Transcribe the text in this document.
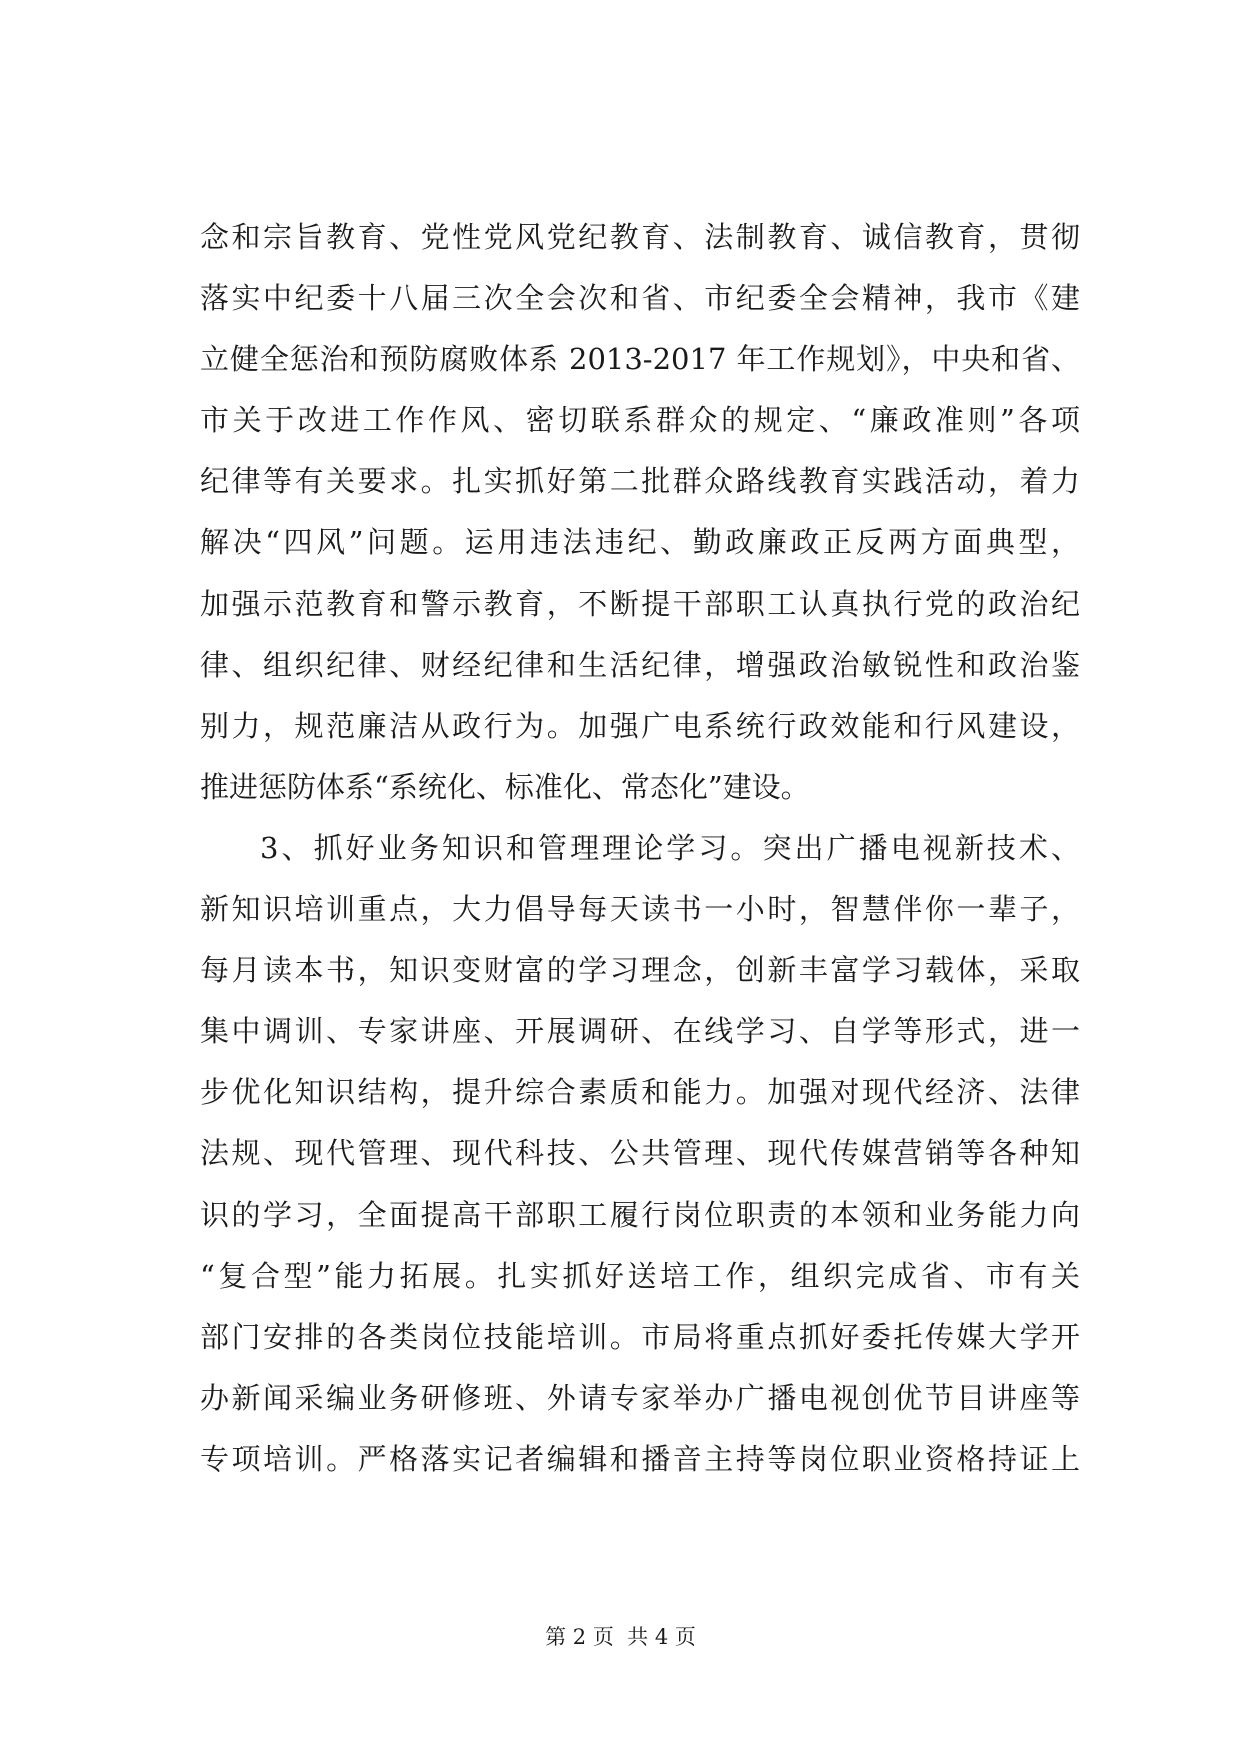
念和宗旨教育、党性党风党纪教育、法制教育、诚信教育，贯彻
落实中纪委十八届三次全会次和省、市纪委全会精神，我市《建
立健全惩治和预防腐败体系 2013-2017 年工作规划》，中央和省、
市关于改进工作作风、密切联系群众的规定、“廉政准则”各项
纪律等有关要求。扎实抓好第二批群众路线教育实践活动，着力
解决“四风”问题。运用违法违纪、勤政廉政正反两方面典型，
加强示范教育和警示教育，不断提干部职工认真执行党的政治纪
律、组织纪律、财经纪律和生活纪律，增强政治敏锐性和政治鉴
别力，规范廉洁从政行为。加强广电系统行政效能和行风建设，
推进惩防体系“系统化、标准化、常态化”建设。
3、抓好业务知识和管理理论学习。突出广播电视新技术、
新知识培训重点，大力倡导每天读书一小时，智慧伴你一辈子，
每月读本书，知识变财富的学习理念，创新丰富学习载体，采取
集中调训、专家讲座、开展调研、在线学习、自学等形式，进一
步优化知识结构，提升综合素质和能力。加强对现代经济、法律
法规、现代管理、现代科技、公共管理、现代传媒营销等各种知
识的学习，全面提高干部职工履行岗位职责的本领和业务能力向
“复合型”能力拓展。扎实抓好送培工作，组织完成省、市有关
部门安排的各类岗位技能培训。市局将重点抓好委托传媒大学开
办新闻采编业务研修班、外请专家举办广播电视创优节目讲座等
专项培训。严格落实记者编辑和播音主持等岗位职业资格持证上
第 2 页  共 4 页
